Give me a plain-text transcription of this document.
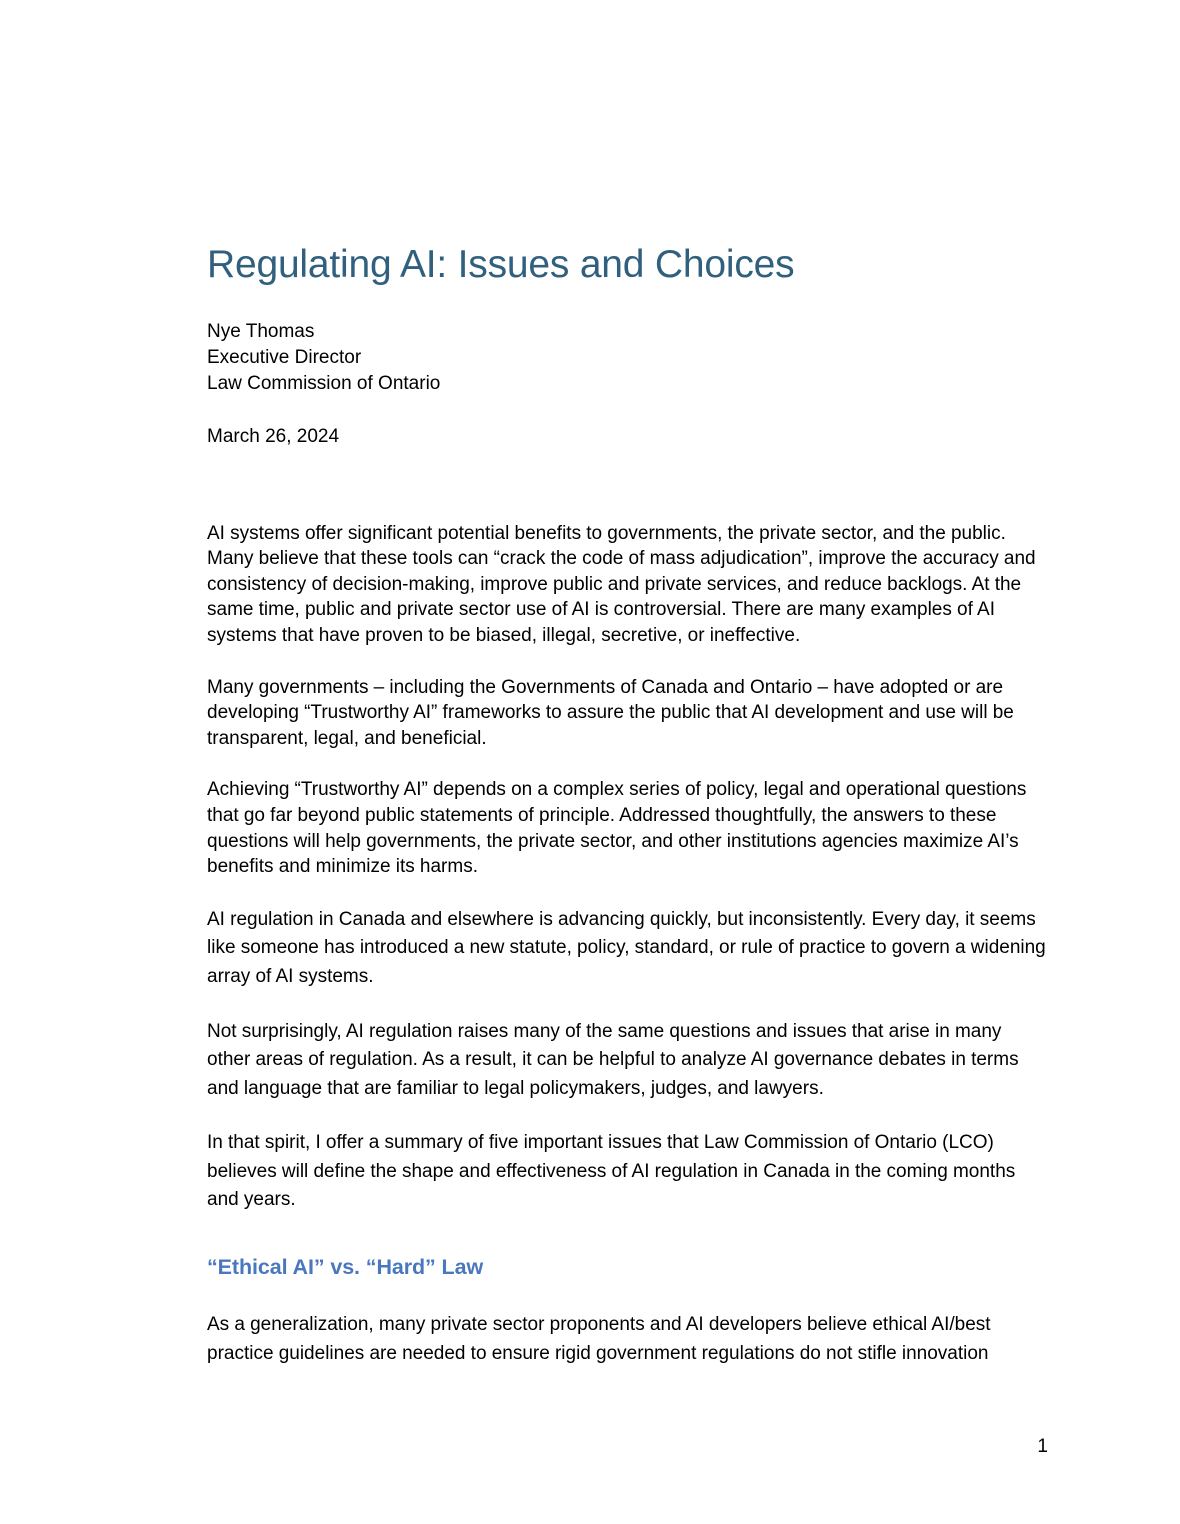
Regulating AI: Issues and Choices
Nye Thomas
Executive Director
Law Commission of Ontario
March 26, 2024

AI systems offer significant potential benefits to governments, the private sector, and the public. Many believe that these tools can “crack the code of mass adjudication”, improve the accuracy and consistency of decision-making, improve public and private services, and reduce backlogs. At the same time, public and private sector use of AI is controversial. There are many examples of AI systems that have proven to be biased, illegal, secretive, or ineffective.

Many governments – including the Governments of Canada and Ontario – have adopted or are developing “Trustworthy AI” frameworks to assure the public that AI development and use will be transparent, legal, and beneficial.

Achieving “Trustworthy AI” depends on a complex series of policy, legal and operational questions that go far beyond public statements of principle. Addressed thoughtfully, the answers to these questions will help governments, the private sector, and other institutions agencies maximize AI’s benefits and minimize its harms.

AI regulation in Canada and elsewhere is advancing quickly, but inconsistently. Every day, it seems like someone has introduced a new statute, policy, standard, or rule of practice to govern a widening array of AI systems.

Not surprisingly, AI regulation raises many of the same questions and issues that arise in many other areas of regulation. As a result, it can be helpful to analyze AI governance debates in terms and language that are familiar to legal policymakers, judges, and lawyers.

In that spirit, I offer a summary of five important issues that Law Commission of Ontario (LCO) believes will define the shape and effectiveness of AI regulation in Canada in the coming months and years.

“Ethical AI” vs. “Hard” Law

As a generalization, many private sector proponents and AI developers believe ethical AI/best practice guidelines are needed to ensure rigid government regulations do not stifle innovation

1
